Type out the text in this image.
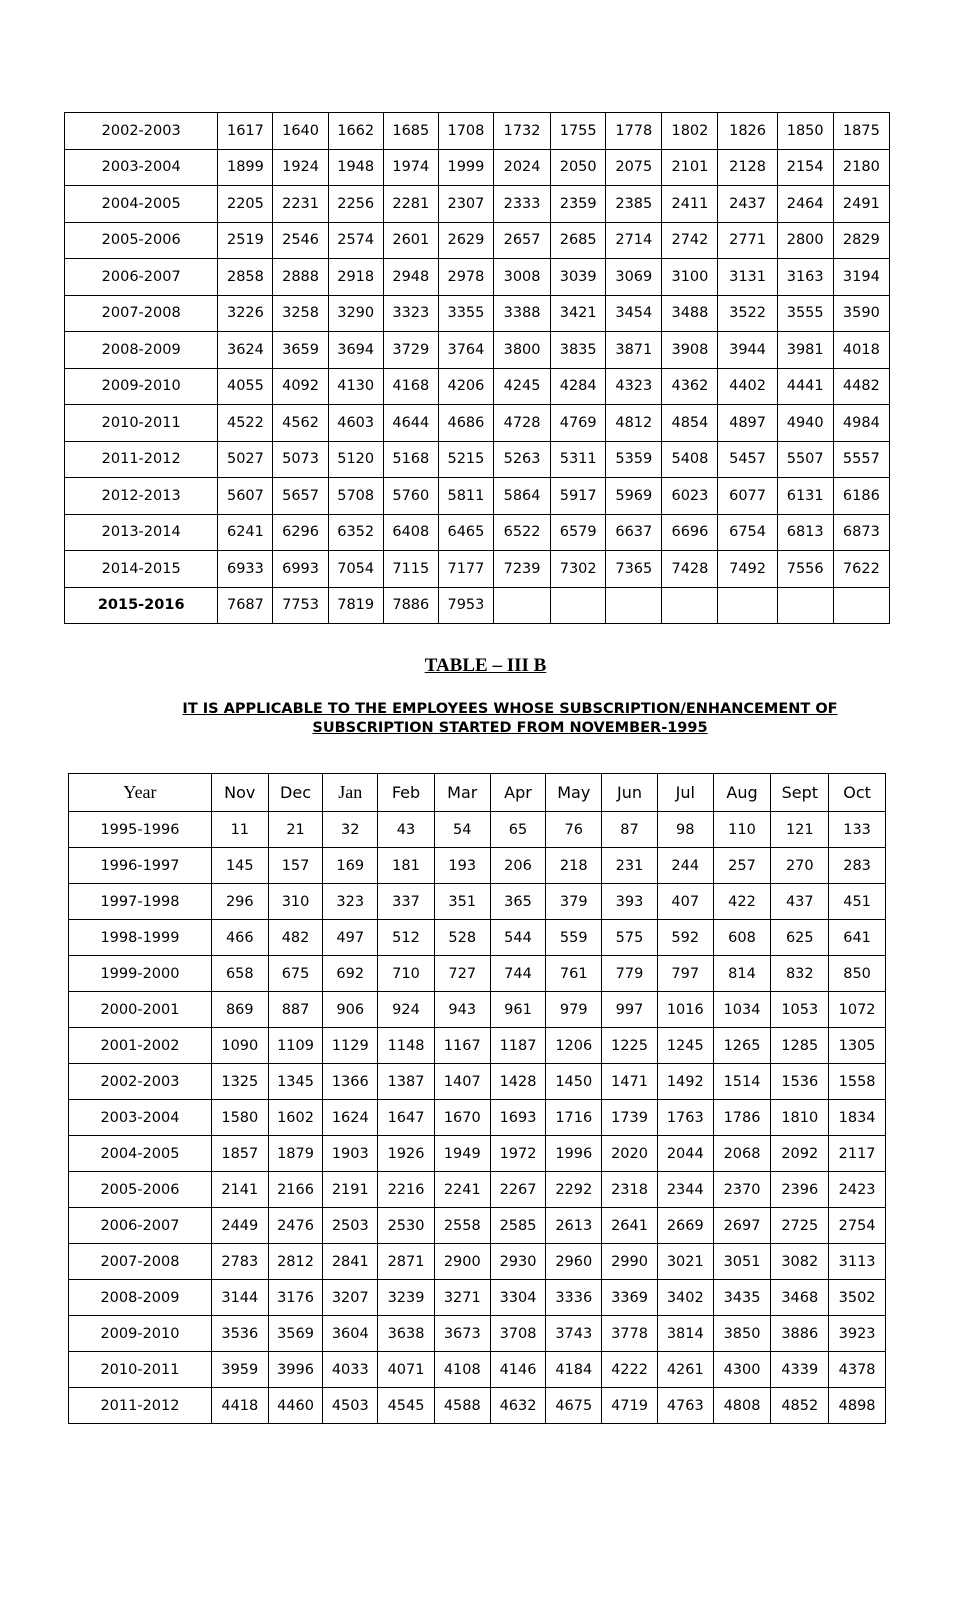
2002-2003	1617	1640	1662	1685	1708	1732	1755	1778	1802	1826	1850	1875
2003-2004	1899	1924	1948	1974	1999	2024	2050	2075	2101	2128	2154	2180
2004-2005	2205	2231	2256	2281	2307	2333	2359	2385	2411	2437	2464	2491
2005-2006	2519	2546	2574	2601	2629	2657	2685	2714	2742	2771	2800	2829
2006-2007	2858	2888	2918	2948	2978	3008	3039	3069	3100	3131	3163	3194
2007-2008	3226	3258	3290	3323	3355	3388	3421	3454	3488	3522	3555	3590
2008-2009	3624	3659	3694	3729	3764	3800	3835	3871	3908	3944	3981	4018
2009-2010	4055	4092	4130	4168	4206	4245	4284	4323	4362	4402	4441	4482
2010-2011	4522	4562	4603	4644	4686	4728	4769	4812	4854	4897	4940	4984
2011-2012	5027	5073	5120	5168	5215	5263	5311	5359	5408	5457	5507	5557
2012-2013	5607	5657	5708	5760	5811	5864	5917	5969	6023	6077	6131	6186
2013-2014	6241	6296	6352	6408	6465	6522	6579	6637	6696	6754	6813	6873
2014-2015	6933	6993	7054	7115	7177	7239	7302	7365	7428	7492	7556	7622
2015-2016	7687	7753	7819	7886	7953							
TABLE – III B
IT IS APPLICABLE TO THE EMPLOYEES WHOSE SUBSCRIPTION/ENHANCEMENT OF
SUBSCRIPTION STARTED FROM NOVEMBER-1995
Year	Nov	Dec	Jan	Feb	Mar	Apr	May	Jun	Jul	Aug	Sept	Oct
1995-1996	11	21	32	43	54	65	76	87	98	110	121	133
1996-1997	145	157	169	181	193	206	218	231	244	257	270	283
1997-1998	296	310	323	337	351	365	379	393	407	422	437	451
1998-1999	466	482	497	512	528	544	559	575	592	608	625	641
1999-2000	658	675	692	710	727	744	761	779	797	814	832	850
2000-2001	869	887	906	924	943	961	979	997	1016	1034	1053	1072
2001-2002	1090	1109	1129	1148	1167	1187	1206	1225	1245	1265	1285	1305
2002-2003	1325	1345	1366	1387	1407	1428	1450	1471	1492	1514	1536	1558
2003-2004	1580	1602	1624	1647	1670	1693	1716	1739	1763	1786	1810	1834
2004-2005	1857	1879	1903	1926	1949	1972	1996	2020	2044	2068	2092	2117
2005-2006	2141	2166	2191	2216	2241	2267	2292	2318	2344	2370	2396	2423
2006-2007	2449	2476	2503	2530	2558	2585	2613	2641	2669	2697	2725	2754
2007-2008	2783	2812	2841	2871	2900	2930	2960	2990	3021	3051	3082	3113
2008-2009	3144	3176	3207	3239	3271	3304	3336	3369	3402	3435	3468	3502
2009-2010	3536	3569	3604	3638	3673	3708	3743	3778	3814	3850	3886	3923
2010-2011	3959	3996	4033	4071	4108	4146	4184	4222	4261	4300	4339	4378
2011-2012	4418	4460	4503	4545	4588	4632	4675	4719	4763	4808	4852	4898
